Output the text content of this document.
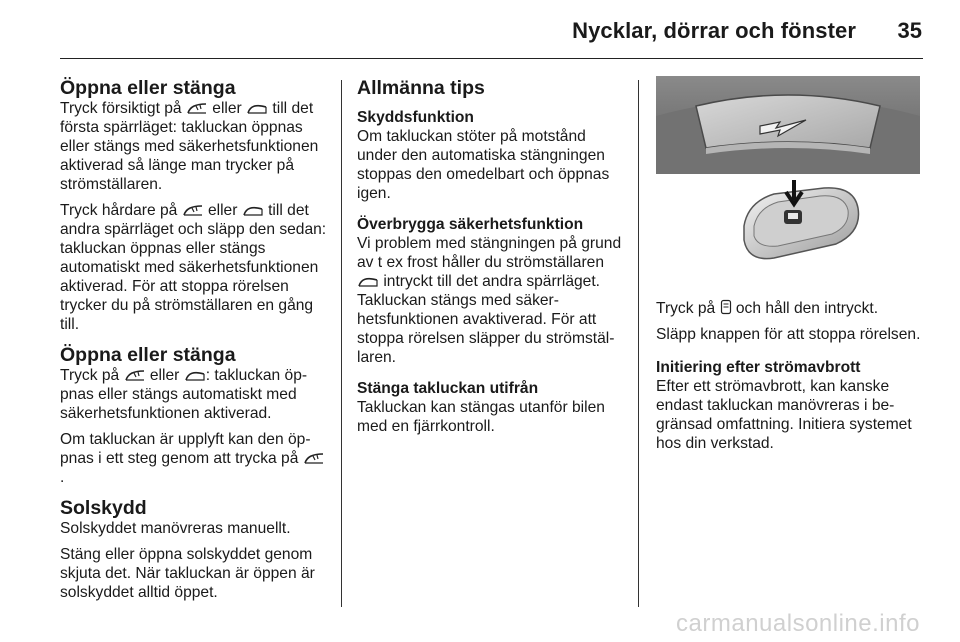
Nycklar, dörrar och fönster 35
Öppna eller stänga

Tryck försiktigt på  eller  till det första spärrläget: takluckan öppnas eller stängs med säkerhetsfunktionen aktiverad så länge man trycker på strömställaren.

Tryck hårdare på  eller  till det andra spärrläget och släpp den sedan: takluckan öppnas eller stängs automatiskt med säkerhetsfunktionen aktiverad. För att stoppa rörelsen trycker du på strömställaren en gång till.

Öppna eller stänga

Tryck på  eller : takluckan öppnas eller stängs automatiskt med säkerhetsfunktionen aktiverad.

Om takluckan är upplyft kan den öppnas i ett steg genom att trycka på .

Solskydd

Solskyddet manövreras manuellt.

Stäng eller öppna solskyddet genom skjuta det. När takluckan är öppen är solskyddet alltid öppet.

Allmänna tips
Skyddsfunktion

Om takluckan stöter på motstånd under den automatiska stängningen stoppas den omedelbart och öppnas igen.

Överbrygga säkerhetsfunktion

Vi problem med stängningen på grund av t ex frost håller du strömställaren  intryckt till det andra spärrläget. Takluckan stängs med säkerhetsfunktionen avaktiverad. För att stoppa rörelsen släpper du strömställaren.

Stänga takluckan utifrån

Takluckan kan stängas utanför bilen med en fjärrkontroll.

Tryck på  och håll den intryckt.

Släpp knappen för att stoppa rörelsen.

Initiering efter strömavbrott

Efter ett strömavbrott, kan kanske endast takluckan manövreras i begränsad omfattning. Initiera systemet hos din verkstad.

carmanualsonline.info
